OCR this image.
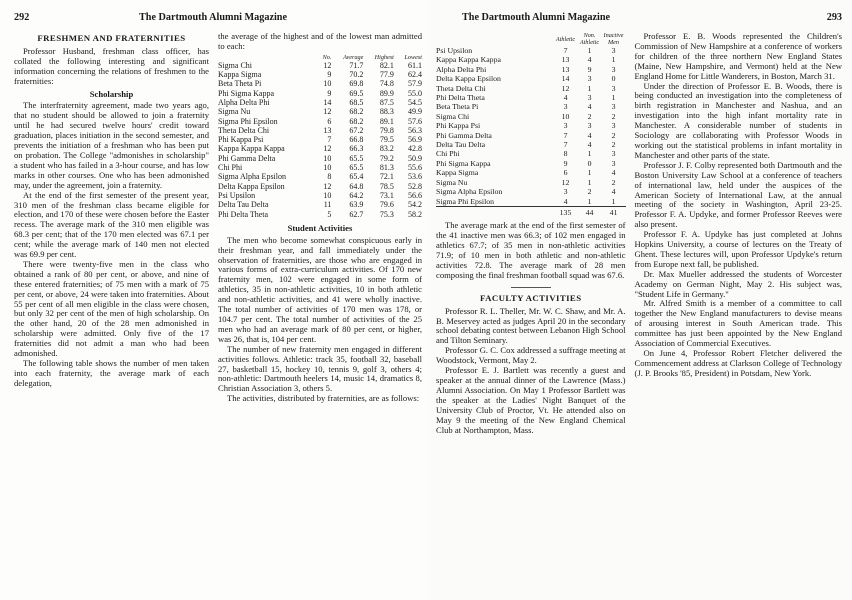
292	The Dartmouth Alumni Magazine
FRESHMEN AND FRATERNITIES

Professor Husband, freshman class officer, has collated the following interesting and significant information concerning the relations of freshmen to the fraternities:

Scholarship

The interfraternity agreement, made two years ago, that no student should be allowed to join a fraternity until he had secured twelve hours' credit toward graduation, places initiation in the second semester, and prevents the initiation of a freshman who has been put on probation. The College "admonishes in scholarship" a student who has failed in a 3-hour course, and has low marks in other courses. One who has been admonished may, under the agreement, join a fraternity.

At the end of the first semester of the present year, 310 men of the freshman class became eligible for election, and 170 of these were chosen before the Easter recess. The average mark of the 310 men eligible was 68.3 per cent; that of the 170 men elected was 67.1 per cent; while the average mark of 140 men not elected was 69.9 per cent.

There were twenty-five men in the class who obtained a rank of 80 per cent, or above, and nine of these entered fraternities; of 75 men with a mark of 75 per cent, or above, 24 were taken into fraternities. About 55 per cent of all men eligible in the class were chosen, but only 32 per cent of the men of high scholarship. On the other hand, 20 of the 28 men admonished in scholarship were admitted. Only five of the 17 fraternities did not admit a man who had been admonished.

The following table shows the number of men taken into each fraternity, the average mark of each delegation,

the average of the highest and of the lowest man admitted to each:

	No.	Average	Highest	Lowest
Sigma Chi	12	71.7	82.1	61.1
Kappa Sigma	9	70.2	77.9	62.4
Beta Theta Pi	10	69.8	74.8	57.9
Phi Sigma Kappa	9	69.5	89.9	55.0
Alpha Delta Phi	14	68.5	87.5	54.5
Sigma Nu	12	68.2	88.3	49.9
Sigma Phi Epsilon	6	68.2	89.1	57.6
Theta Delta Chi	13	67.2	79.8	56.3
Phi Kappa Psi	7	66.8	79.5	56.9
Kappa Kappa Kappa	12	66.3	83.2	42.8
Phi Gamma Delta	10	65.5	79.2	50.9
Chi Phi	10	65.5	81.3	55.6
Sigma Alpha Epsilon	8	65.4	72.1	53.6
Delta Kappa Epsilon	12	64.8	78.5	52.8
Psi Upsilon	10	64.2	73.1	56.6
Delta Tau Delta	11	63.9	79.6	54.2
Phi Delta Theta	5	62.7	75.3	58.2
Student Activities

The men who become somewhat conspicuous early in their freshman year, and fall immediately under the observation of fraternities, are those who are engaged in various forms of extra-curriculum activities. Of 170 new fraternity men, 102 were engaged in some form of athletics, 35 in non-athletic activities, 10 in both athletic and non-athletic activities, and 41 were wholly inactive. The total number of activities of 170 men was 178, or 104.7 per cent. The total number of activities of the 25 men who had an average mark of 80 per cent, or higher, was 26, that is, 104 per cent.

The number of new fraternity men engaged in different activities follows. Athletic: track 35, football 32, baseball 27, basketball 15, hockey 10, tennis 9, golf 3, others 4; non-athletic: Dartmouth heelers 14, music 14, dramatics 8, Christian Association 3, others 5.

The activities, distributed by fraternities, are as follows:

The Dartmouth Alumni Magazine	293
	Athletic	Non. Athletic	Inactive Men
Psi Upsilon	7	1	3
Kappa Kappa Kappa	13	4	1
Alpha Delta Phi	13	9	3
Delta Kappa Epsilon	14	3	0
Theta Delta Chi	12	1	3
Phi Delta Theta	4	3	1
Beta Theta Pi	3	4	3
Sigma Chi	10	2	2
Phi Kappa Psi	3	3	3
Phi Gamma Delta	7	4	2
Delta Tau Delta	7	4	2
Chi Phi	8	1	3
Phi Sigma Kappa	9	0	3
Kappa Sigma	6	1	4
Sigma Nu	12	1	2
Sigma Alpha Epsilon	3	2	4
Sigma Phi Epsilon	4	1	1
	135	44	41

The average mark at the end of the first semester of the 41 inactive men was 66.3; of 102 men engaged in athletics 67.7; of 35 men in non-athletic activities 71.9; of 10 men in both athletic and non-athletic activities 72.8. The average mark of 28 men composing the final freshman football squad was 67.6.

FACULTY ACTIVITIES

Professor R. L. Theller, Mr. W. C. Shaw, and Mr. A. B. Meservey acted as judges April 20 in the secondary school debating contest between Lebanon High School and Tilton Seminary.

Professor G. C. Cox addressed a suffrage meeting at Woodstock, Vermont, May 2.

Professor E. J. Bartlett was recently a guest and speaker at the annual dinner of the Lawrence (Mass.) Alumni Association. On May 1 Professor Bartlett was the speaker at the Ladies' Night Banquet of the University Club of Proctor, Vt. He attended also on May 9 the meeting of the New England Chemical Club at Northampton, Mass.

Professor E. B. Woods represented the Children's Commission of New Hampshire at a conference of workers for children of the three northern New England States (Maine, New Hampshire, and Vermont) held at the New England Home for Little Wanderers, in Boston, March 31.

Under the direction of Professor E. B. Woods, there is being conducted an investigation into the completeness of birth registration in Manchester and Nashua, and an investigation into the high infant mortality rate in Manchester. A considerable number of students in Sociology are collaborating with Professor Woods in working out the statistical problems in infant mortality in Manchester and other parts of the state.

Professor J. F. Colby represented both Dartmouth and the Boston University Law School at a conference of teachers of international law, held under the auspices of the American Society of International Law, at the annual meeting of the society in Washington, April 23-25. Professor F. A. Updyke, and former Professor Reeves were also present.

Professor F. A. Updyke has just completed at Johns Hopkins University, a course of lectures on the Treaty of Ghent. These lectures will, upon Professor Updyke's return from Europe next fall, be published.

Dr. Max Mueller addressed the students of Worcester Academy on German Night, May 2. His subject was, "Student Life in Germany."

Mr. Alfred Smith is a member of a committee to call together the New England manufacturers to devise means of arousing interest in South American trade. This committee has just been appointed by the New England Association of Commercial Executives.

On June 4, Professor Robert Fletcher delivered the Commencement address at Clarkson College of Technology (J. P. Brooks '85, President) in Potsdam, New York.
